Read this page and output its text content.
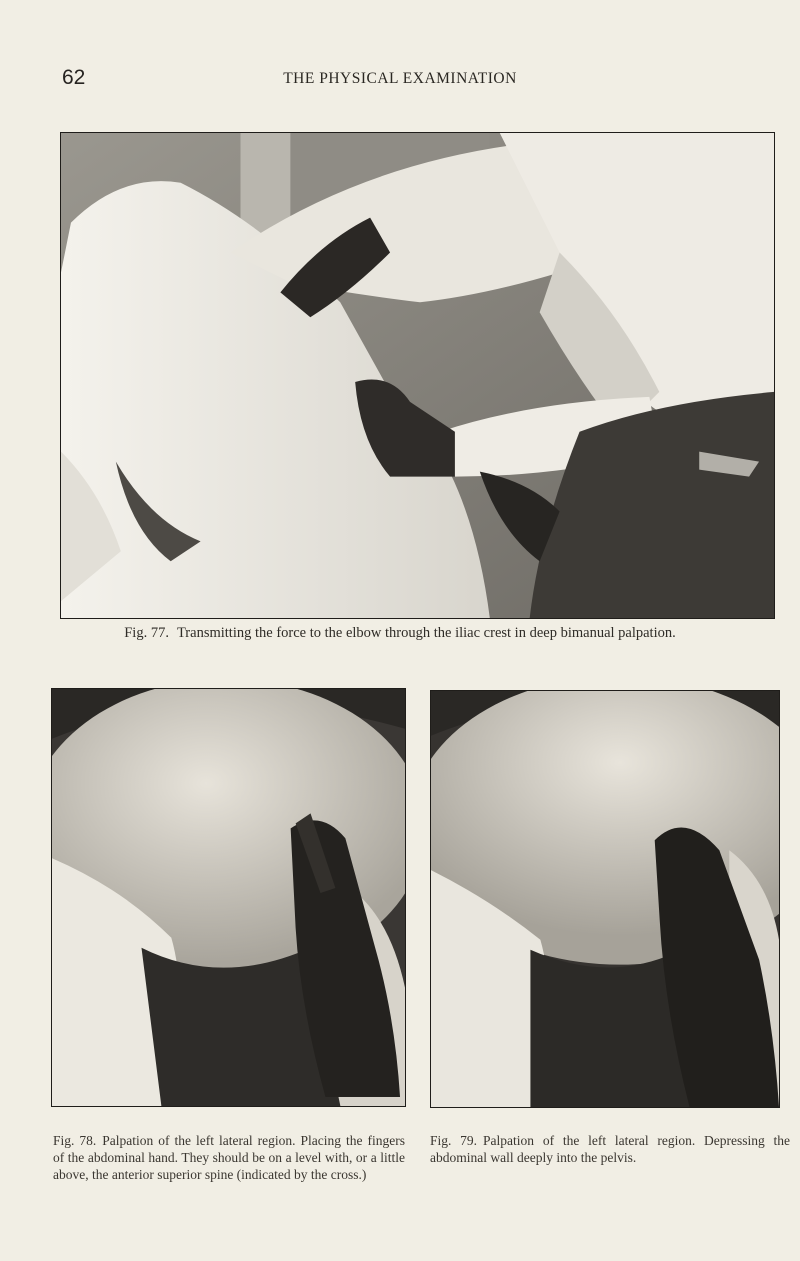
62	THE PHYSICAL EXAMINATION
Fig. 77. Transmitting the force to the elbow through the iliac crest in deep bimanual palpation.
Fig. 78. Palpation of the left lateral region. Placing the fingers of the abdominal hand. They should be on a level with, or a little above, the anterior superior spine (indicated by the cross.)
Fig. 79. Palpation of the left lateral region. Depressing the abdominal wall deeply into the pelvis.
